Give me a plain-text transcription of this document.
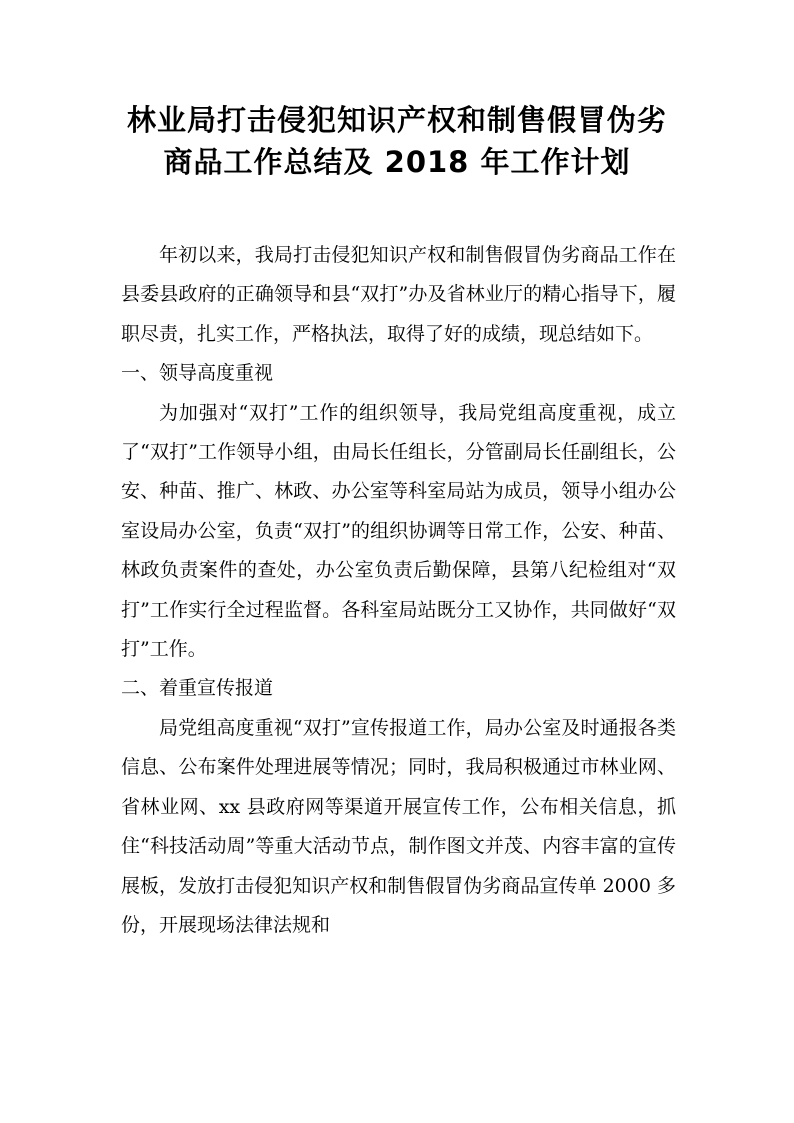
林业局打击侵犯知识产权和制售假冒伪劣
商品工作总结及 2018 年工作计划

年初以来，我局打击侵犯知识产权和制售假冒伪劣商品工作在县委县政府的正确领导和县“双打”办及省林业厅的精心指导下，履职尽责，扎实工作，严格执法，取得了好的成绩，现总结如下。

一、领导高度重视

为加强对“双打”工作的组织领导，我局党组高度重视，成立了“双打”工作领导小组，由局长任组长，分管副局长任副组长，公安、种苗、推广、林政、办公室等科室局站为成员，领导小组办公室设局办公室，负责“双打”的组织协调等日常工作，公安、种苗、林政负责案件的查处，办公室负责后勤保障，县第八纪检组对“双打”工作实行全过程监督。各科室局站既分工又协作，共同做好“双打”工作。

二、着重宣传报道

局党组高度重视“双打”宣传报道工作，局办公室及时通报各类信息、公布案件处理进展等情况；同时，我局积极通过市林业网、省林业网、xx 县政府网等渠道开展宣传工作，公布相关信息，抓住“科技活动周”等重大活动节点，制作图文并茂、内容丰富的宣传展板，发放打击侵犯知识产权和制售假冒伪劣商品宣传单 2000 多份，开展现场法律法规和
